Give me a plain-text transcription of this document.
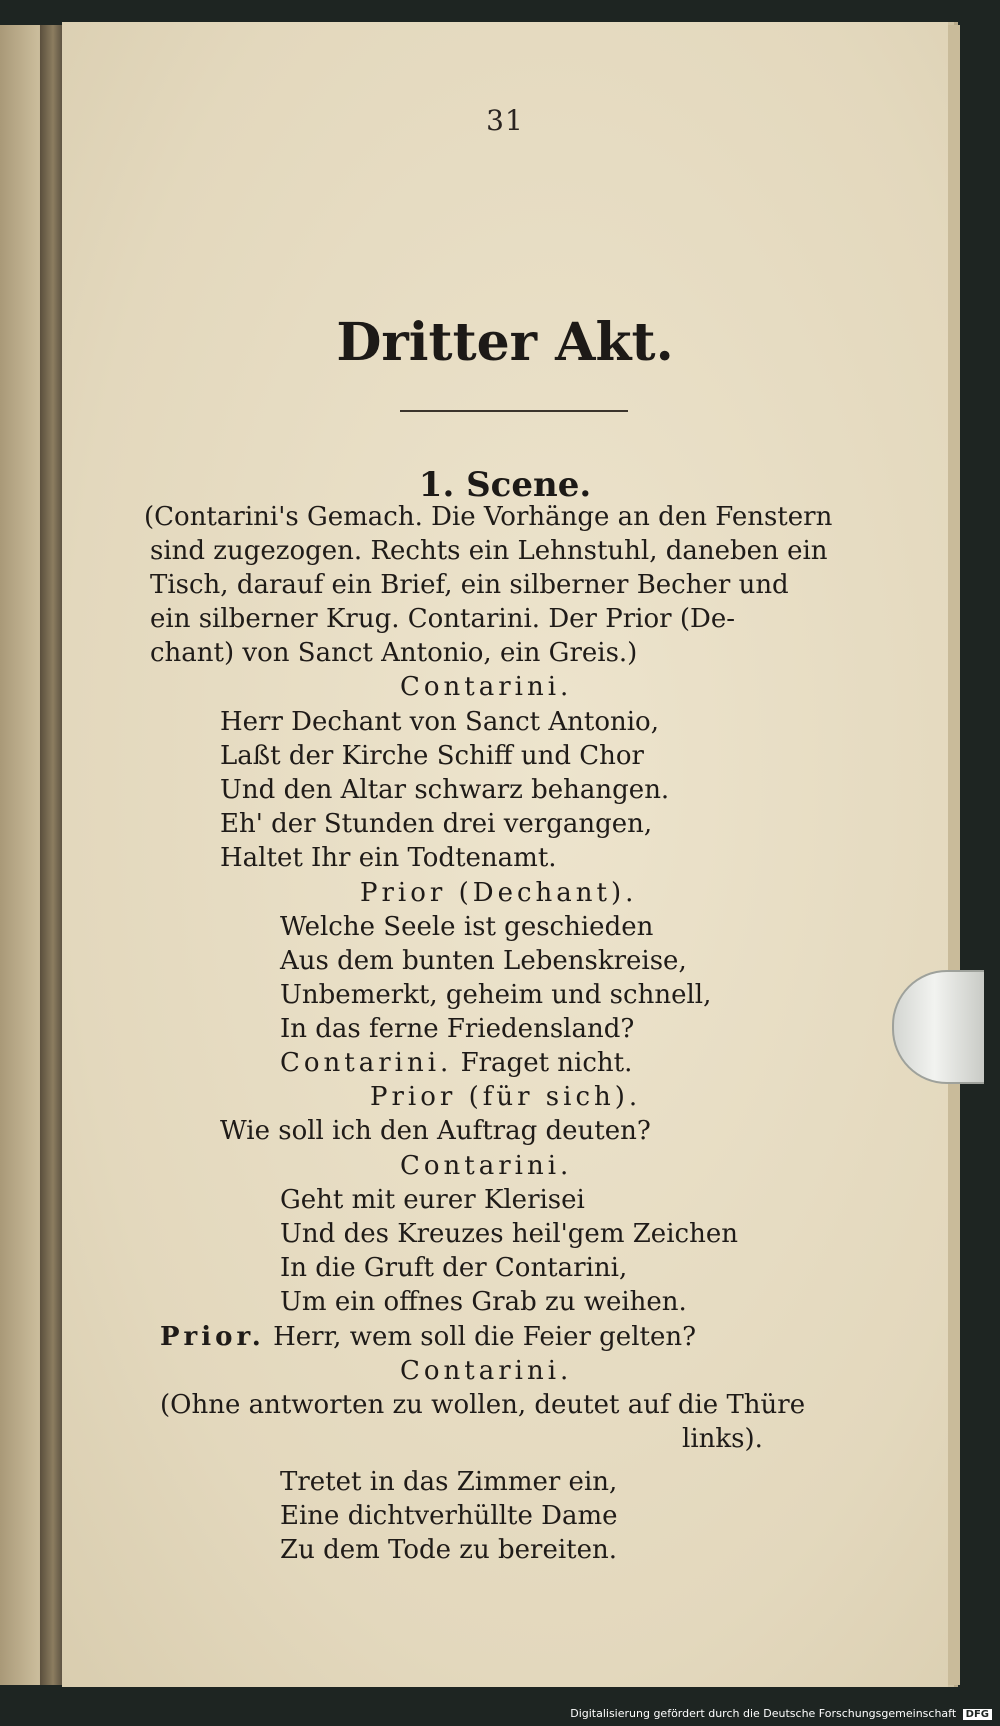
31
Dritter Akt.
1. Scene.
(Contarini's Gemach. Die Vorhänge an den Fenstern
sind zugezogen. Rechts ein Lehnstuhl, daneben ein
Tisch, darauf ein Brief, ein silberner Becher und
ein silberner Krug. Contarini. Der Prior (De-
chant) von Sanct Antonio, ein Greis.)
Contarini.
Herr Dechant von Sanct Antonio,
Laßt der Kirche Schiff und Chor
Und den Altar schwarz behangen.
Eh' der Stunden drei vergangen,
Haltet Ihr ein Todtenamt.
Prior (Dechant).
Welche Seele ist geschieden
Aus dem bunten Lebenskreise,
Unbemerkt, geheim und schnell,
In das ferne Friedensland?
Contarini. Fraget nicht.
Prior (für sich).
Wie soll ich den Auftrag deuten?
Contarini.
Geht mit eurer Klerisei
Und des Kreuzes heil'gem Zeichen
In die Gruft der Contarini,
Um ein offnes Grab zu weihen.
Prior. Herr, wem soll die Feier gelten?
Contarini.
(Ohne antworten zu wollen, deutet auf die Thüre
links).
Tretet in das Zimmer ein,
Eine dichtverhüllte Dame
Zu dem Tode zu bereiten.
Digitalisierung gefördert durch die Deutsche Forschungsgemeinschaft DFG
